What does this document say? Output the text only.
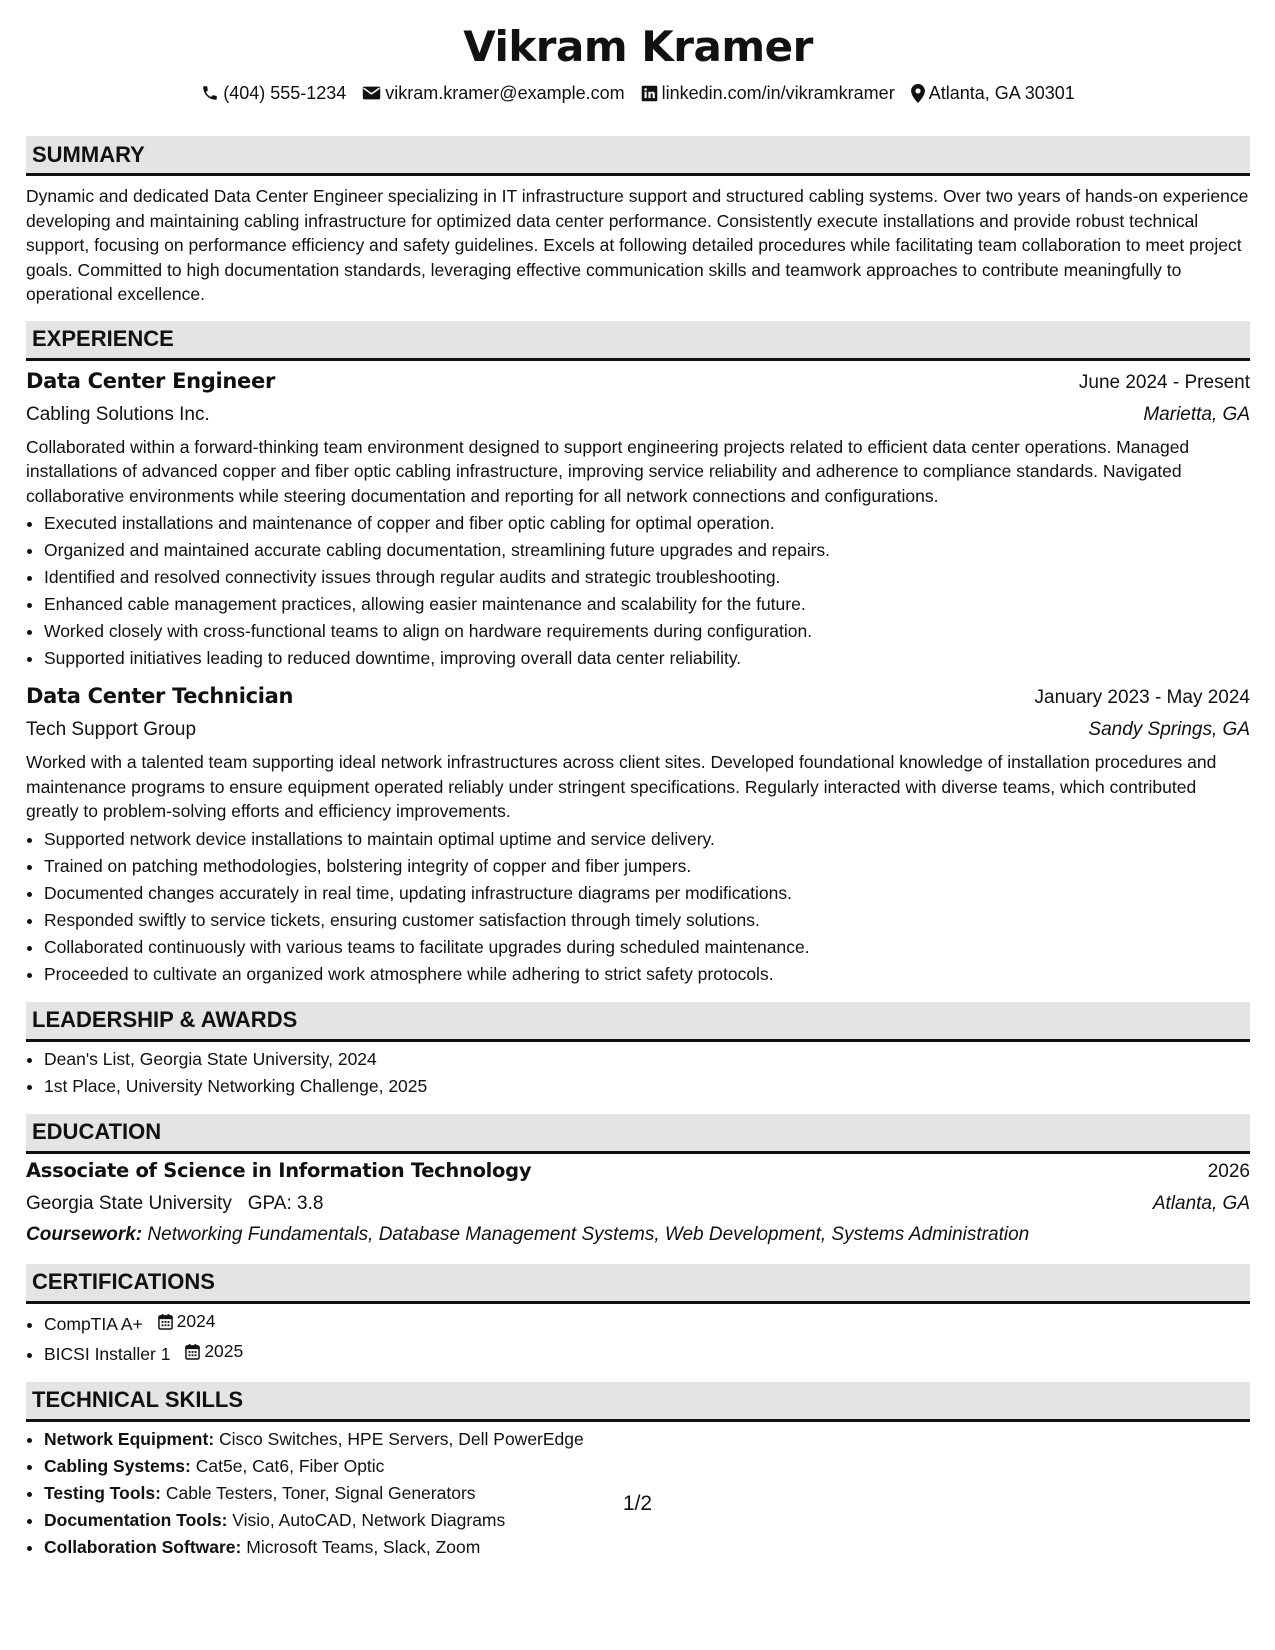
Vikram Kramer
(404) 555-1234 vikram.kramer@example.com linkedin.com/in/vikramkramer Atlanta, GA 30301
SUMMARY
Dynamic and dedicated Data Center Engineer specializing in IT infrastructure support and structured cabling systems. Over two years of hands-on experience developing and maintaining cabling infrastructure for optimized data center performance. Consistently execute installations and provide robust technical support, focusing on performance efficiency and safety guidelines. Excels at following detailed procedures while facilitating team collaboration to meet project goals. Committed to high documentation standards, leveraging effective communication skills and teamwork approaches to contribute meaningfully to operational excellence.
EXPERIENCE
Data Center Engineer	June 2024 - Present
Cabling Solutions Inc.	Marietta, GA
Collaborated within a forward-thinking team environment designed to support engineering projects related to efficient data center operations. Managed installations of advanced copper and fiber optic cabling infrastructure, improving service reliability and adherence to compliance standards. Navigated collaborative environments while steering documentation and reporting for all network connections and configurations.
• Executed installations and maintenance of copper and fiber optic cabling for optimal operation.
• Organized and maintained accurate cabling documentation, streamlining future upgrades and repairs.
• Identified and resolved connectivity issues through regular audits and strategic troubleshooting.
• Enhanced cable management practices, allowing easier maintenance and scalability for the future.
• Worked closely with cross-functional teams to align on hardware requirements during configuration.
• Supported initiatives leading to reduced downtime, improving overall data center reliability.
Data Center Technician	January 2023 - May 2024
Tech Support Group	Sandy Springs, GA
Worked with a talented team supporting ideal network infrastructures across client sites. Developed foundational knowledge of installation procedures and maintenance programs to ensure equipment operated reliably under stringent specifications. Regularly interacted with diverse teams, which contributed greatly to problem-solving efforts and efficiency improvements.
• Supported network device installations to maintain optimal uptime and service delivery.
• Trained on patching methodologies, bolstering integrity of copper and fiber jumpers.
• Documented changes accurately in real time, updating infrastructure diagrams per modifications.
• Responded swiftly to service tickets, ensuring customer satisfaction through timely solutions.
• Collaborated continuously with various teams to facilitate upgrades during scheduled maintenance.
• Proceeded to cultivate an organized work atmosphere while adhering to strict safety protocols.
LEADERSHIP & AWARDS
• Dean's List, Georgia State University, 2024
• 1st Place, University Networking Challenge, 2025
EDUCATION
Associate of Science in Information Technology	2026
Georgia State University GPA: 3.8	Atlanta, GA
Coursework: Networking Fundamentals, Database Management Systems, Web Development, Systems Administration
CERTIFICATIONS
• CompTIA A+ 2024
• BICSI Installer 1 2025
TECHNICAL SKILLS
• Network Equipment: Cisco Switches, HPE Servers, Dell PowerEdge
• Cabling Systems: Cat5e, Cat6, Fiber Optic
• Testing Tools: Cable Testers, Toner, Signal Generators
• Documentation Tools: Visio, AutoCAD, Network Diagrams
• Collaboration Software: Microsoft Teams, Slack, Zoom
1/2
